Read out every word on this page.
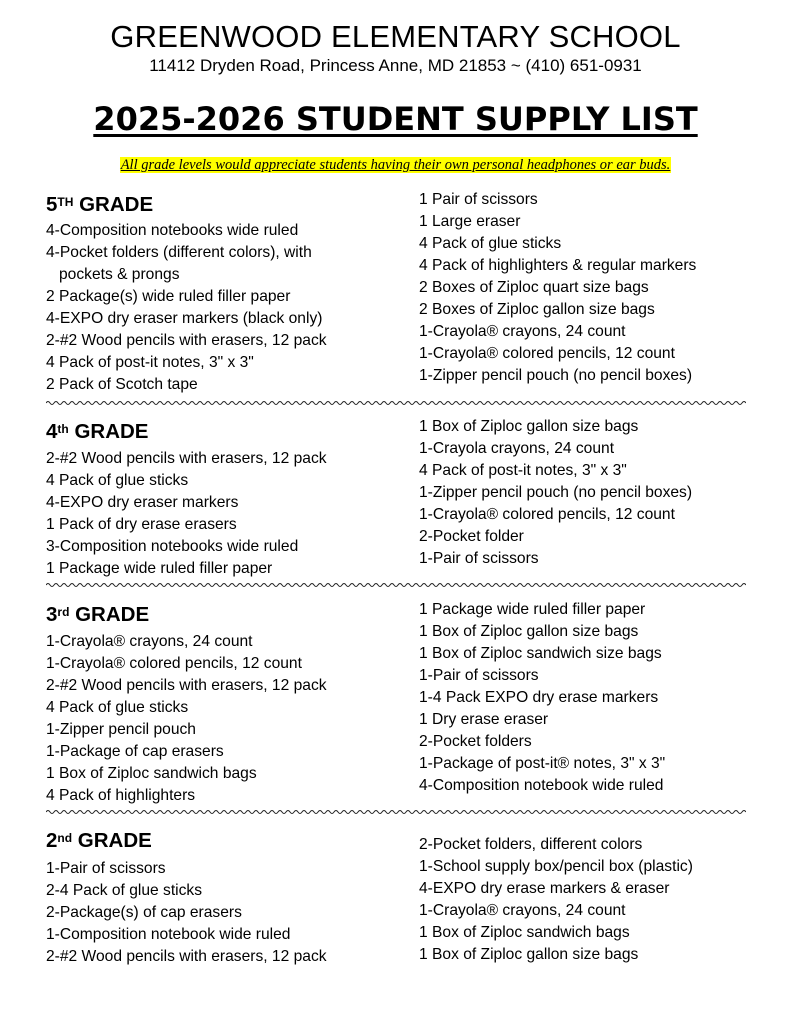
GREENWOOD ELEMENTARY SCHOOL
11412 Dryden Road, Princess Anne, MD 21853 ~ (410) 651-0931
2025-2026 STUDENT SUPPLY LIST
All grade levels would appreciate students having their own personal headphones or ear buds.
5TH GRADE
4-Composition notebooks wide ruled
4-Pocket folders (different colors), with
pockets & prongs
2 Package(s) wide ruled filler paper
4-EXPO dry eraser markers (black only)
2-#2 Wood pencils with erasers, 12 pack
4 Pack of post-it notes, 3" x 3"
2 Pack of Scotch tape
1 Pair of scissors
1 Large eraser
4 Pack of glue sticks
4 Pack of highlighters & regular markers
2 Boxes of Ziploc quart size bags
2 Boxes of Ziploc gallon size bags
1-Crayola® crayons, 24 count
1-Crayola® colored pencils, 12 count
1-Zipper pencil pouch (no pencil boxes)
4th GRADE
2-#2 Wood pencils with erasers, 12 pack
4 Pack of glue sticks
4-EXPO dry eraser markers
1 Pack of dry erase erasers
3-Composition notebooks wide ruled
1 Package wide ruled filler paper
1 Box of Ziploc gallon size bags
1-Crayola crayons, 24 count
4 Pack of post-it notes, 3" x 3"
1-Zipper pencil pouch (no pencil boxes)
1-Crayola® colored pencils, 12 count
2-Pocket folder
1-Pair of scissors
3rd GRADE
1-Crayola® crayons, 24 count
1-Crayola® colored pencils, 12 count
2-#2 Wood pencils with erasers, 12 pack
4 Pack of glue sticks
1-Zipper pencil pouch
1-Package of cap erasers
1 Box of Ziploc sandwich bags
4 Pack of highlighters
1 Package wide ruled filler paper
1 Box of Ziploc gallon size bags
1 Box of Ziploc sandwich size bags
1-Pair of scissors
1-4 Pack EXPO dry erase markers
1 Dry erase eraser
2-Pocket folders
1-Package of post-it® notes, 3" x 3"
4-Composition notebook wide ruled
2nd GRADE
1-Pair of scissors
2-4 Pack of glue sticks
2-Package(s) of cap erasers
1-Composition notebook wide ruled
2-#2 Wood pencils with erasers, 12 pack
2-Pocket folders, different colors
1-School supply box/pencil box (plastic)
4-EXPO dry erase markers & eraser
1-Crayola® crayons, 24 count
1 Box of Ziploc sandwich bags
1 Box of Ziploc gallon size bags
